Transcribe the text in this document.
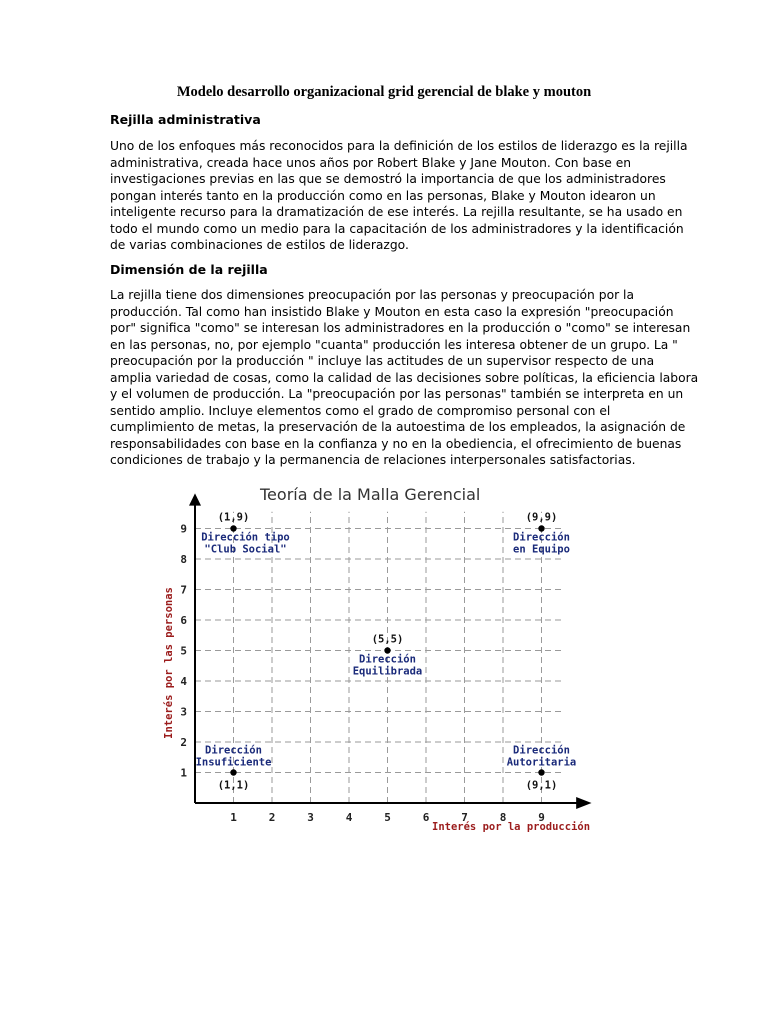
Modelo desarrollo organizacional grid gerencial de blake y mouton
Rejilla administrativa

Uno de los enfoques más reconocidos para la definición de los estilos de liderazgo es la rejilla
administrativa, creada hace unos años por Robert Blake y Jane Mouton. Con base en
investigaciones previas en las que se demostró la importancia de que los administradores
pongan interés tanto en la producción como en las personas, Blake y Mouton idearon un
inteligente recurso para la dramatización de ese interés. La rejilla resultante, se ha usado en
todo el mundo como un medio para la capacitación de los administradores y la identificación
de varias combinaciones de estilos de liderazgo.

Dimensión de la rejilla

La rejilla tiene dos dimensiones preocupación por las personas y preocupación por la
producción. Tal como han insistido Blake y Mouton en esta caso la expresión "preocupación
por" significa "como" se interesan los administradores en la producción o "como" se interesan
en las personas, no, por ejemplo "cuanta" producción les interesa obtener de un grupo. La "
preocupación por la producción " incluye las actitudes de un supervisor respecto de una
amplia variedad de cosas, como la calidad de las decisiones sobre políticas, la eficiencia labora
y el volumen de producción. La "preocupación por las personas" también se interpreta en un
sentido amplio. Incluye elementos como el grado de compromiso personal con el
cumplimiento de metas, la preservación de la autoestima de los empleados, la asignación de
responsabilidades con base en la confianza y no en la obediencia, el ofrecimiento de buenas
condiciones de trabajo y la permanencia de relaciones interpersonales satisfactorias.

Teoría de la Malla Gerencial
1	2	3	4	5	6	7	8	9
1
2
3
4
5
6
7
8
9
(1,9)
Dirección tipo
"Club Social"
(9,9)
Dirección
en Equipo
(5,5)
Dirección
Equilibrada
(1,1)
Dirección
Insuficiente
(9,1)
Dirección
Autoritaria
Interés por la producción
Interés por las personas
